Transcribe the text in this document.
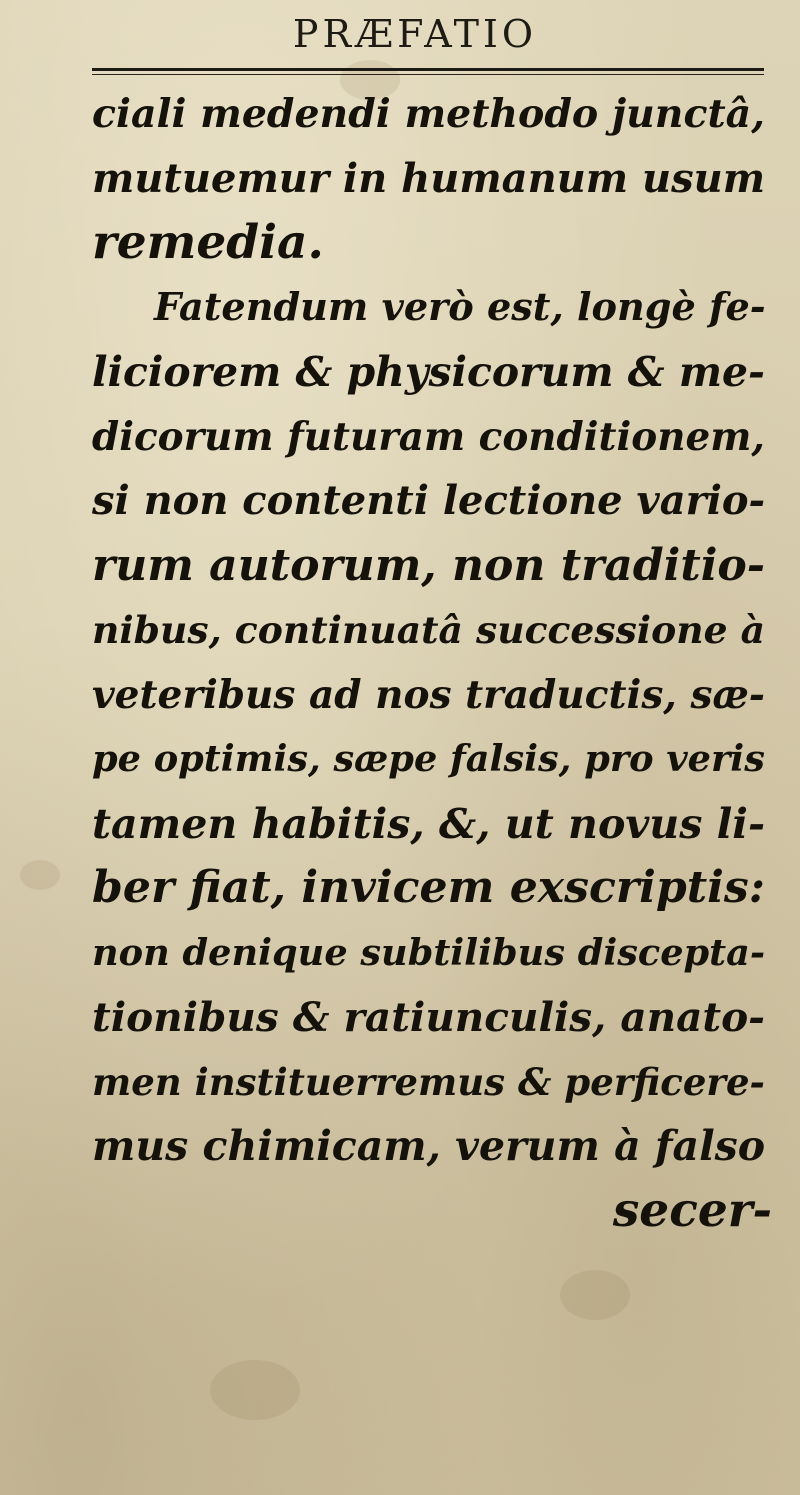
PRÆFATIO
ciali medendi methodo junctâ,
mutuemur in humanum usum
remedia.
Fatendum verò est, longè fe-
liciorem & physicorum & me-
dicorum futuram conditionem,
si non contenti lectione vario-
rum autorum, non traditio-
nibus, continuatâ successione à
veteribus ad nos traductis, sæ-
pe optimis, sæpe falsis, pro veris
tamen habitis, &, ut novus li-
ber fiat, invicem exscriptis:
non denique subtilibus discepta-
tionibus & ratiunculis, anato-
men instituerremus & perficere-
mus chimicam, verum à falso
secer-
